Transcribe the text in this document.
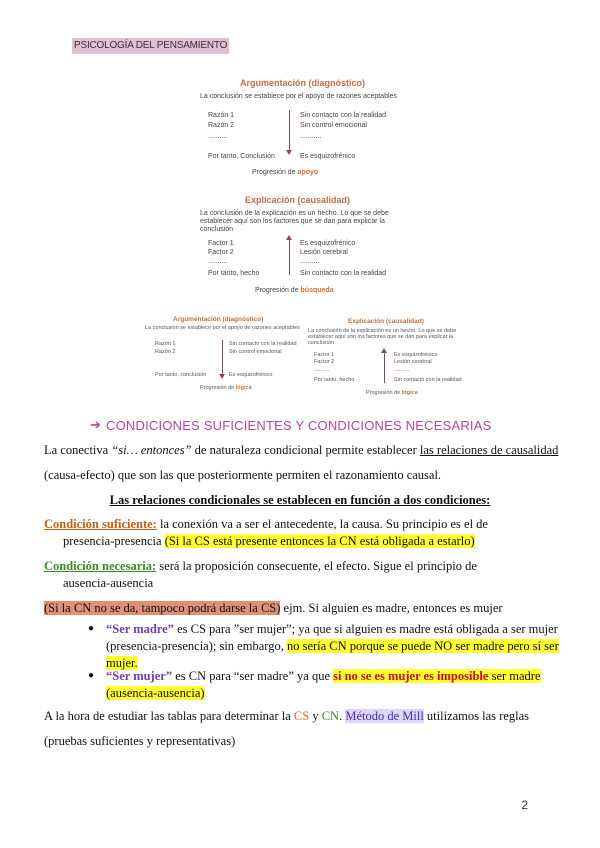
PSICOLOGÍA DEL PENSAMIENTO
Argumentación (diagnóstico)
La conclusión se establece por el apoyo de razones aceptables
Razón 1
Razón 2
..........
Por tanto, Conclusión
Sin contacto con la realidad
Sin control emocional
...........
Es esquizofrénico
Progresión de apoyo
Explicación (causalidad)
La conclusión de la explicación es un hecho. Lo que se debe establecer aquí son los factores que se dan para explicar la conclusión
Factor 1
Factor 2
..........
Por tanto, hecho
Es esquizofrénico
Lesión cerebral
..........
Sin contacto con la realidad
Progresión de búsqueda
Argumentación (diagnóstico)
La conclusión se establece por el apoyo de razones aceptables
Razón 1
Razón 2
Por tanto, conclusión
Sin contacto con la realidad
Sin control emocional
Es esquizofrénico
Progresión de lógica
Explicación (causalidad)
La conclusión de la explicación es un hecho. Lo que se debe establecer aquí son los factores que se dan para explicar la conclusión
Factor 1
Factor 2
..........
Por tanto, hecho
Es esquizofrénico
Lesión cerebral
..........
Sin contacto con la realidad
Progresión de lógica
➔ CONDICIONES SUFICIENTES Y CONDICIONES NECESARIAS
La conectiva “si… entonces” de naturaleza condicional permite establecer las relaciones de causalidad
(causa-efecto) que son las que posteriormente permiten el razonamiento causal.
Las relaciones condicionales se establecen en función a dos condiciones:
Condición suficiente: la conexión va a ser el antecedente, la causa. Su principio es el de
presencia-presencia (Si la CS está presente entonces la CN está obligada a estarlo)
Condición necesaria: será la proposición consecuente, el efecto. Sigue el principio de
ausencia-ausencia
(Si la CN no se da, tampoco podrá darse la CS) ejm. Si alguien es madre, entonces es mujer
● “Ser madre” es CS para ”ser mujer”; ya que si alguien es madre está obligada a ser mujer
(presencia-presencia); sin embargo, no sería CN porque se puede NO ser madre pero sí ser
mujer.
● “Ser mujer” es CN para “ser madre” ya que si no se es mujer es imposible ser madre
(ausencia-ausencia)
A la hora de estudiar las tablas para determinar la CS y CN. Método de Mill utilizamos las reglas
(pruebas suficientes y representativas)
2
